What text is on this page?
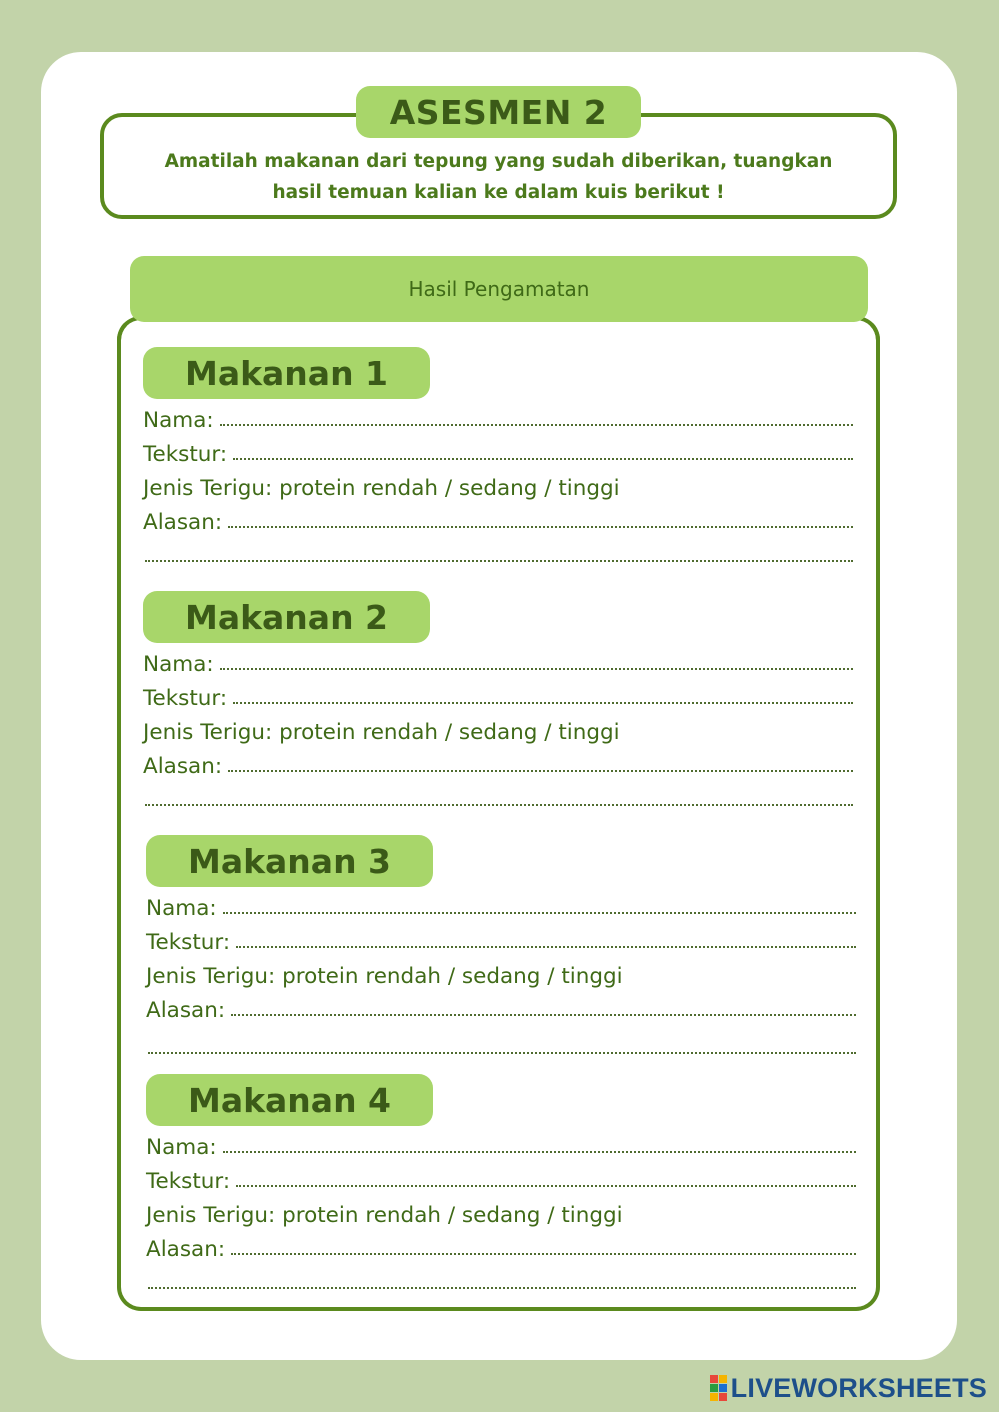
ASESMEN 2
Amatilah makanan dari tepung yang sudah diberikan, tuangkan
hasil temuan kalian ke dalam kuis berikut !
Hasil Pengamatan
Makanan 1
Nama:
Tekstur:
Jenis Terigu: protein rendah / sedang / tinggi
Alasan:
Makanan 2
Nama:
Tekstur:
Jenis Terigu: protein rendah / sedang / tinggi
Alasan:
Makanan 3
Nama:
Tekstur:
Jenis Terigu: protein rendah / sedang / tinggi
Alasan:
Makanan 4
Nama:
Tekstur:
Jenis Terigu: protein rendah / sedang / tinggi
Alasan:
LIVEWORKSHEETS
